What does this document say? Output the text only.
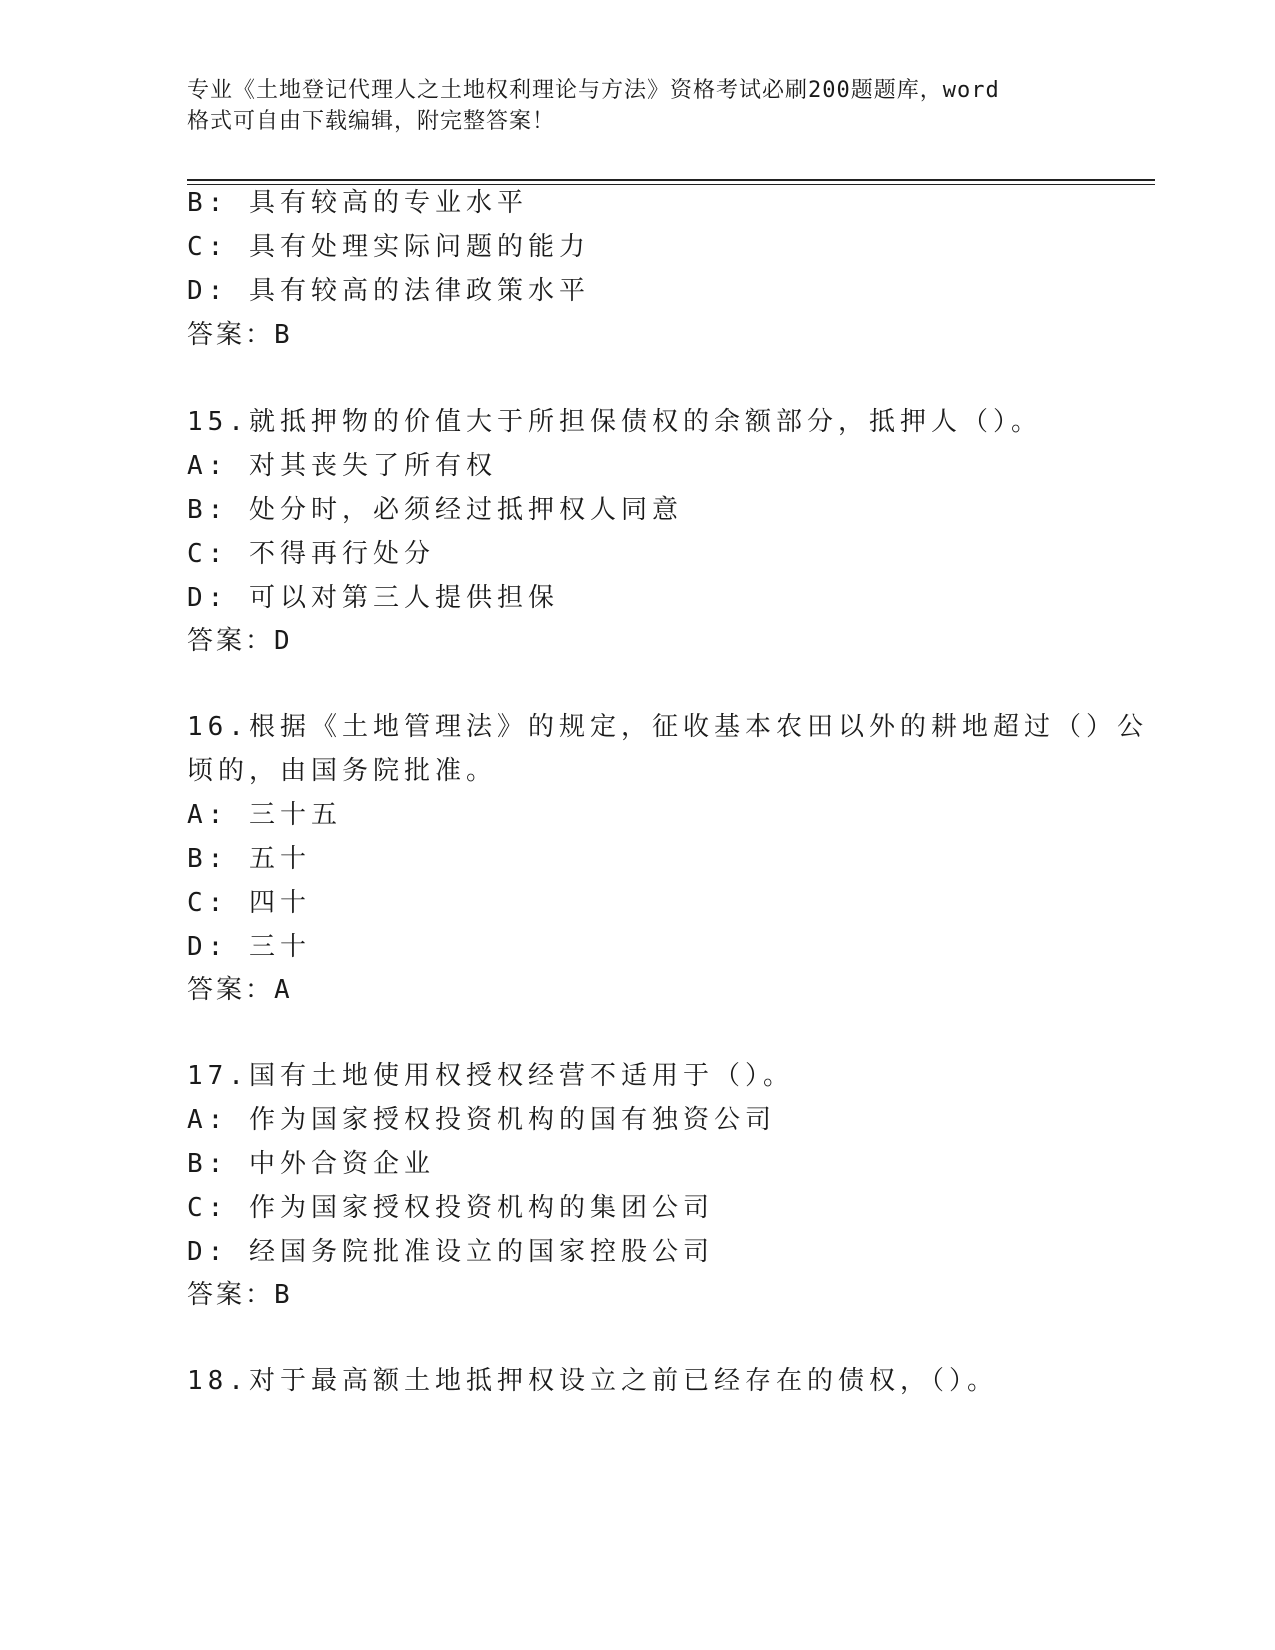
专业《土地登记代理人之土地权利理论与方法》资格考试必刷200题题库，word
格式可自由下载编辑，附完整答案！
B: 具有较高的专业水平
C: 具有处理实际问题的能力
D: 具有较高的法律政策水平
答案：B
15.就抵押物的价值大于所担保债权的余额部分，抵押人（）。
A: 对其丧失了所有权
B: 处分时，必须经过抵押权人同意
C: 不得再行处分
D: 可以对第三人提供担保
答案：D
16.根据《土地管理法》的规定，征收基本农田以外的耕地超过（）公
顷的，由国务院批准。
A: 三十五
B: 五十
C: 四十
D: 三十
答案：A
17.国有土地使用权授权经营不适用于（）。
A: 作为国家授权投资机构的国有独资公司
B: 中外合资企业
C: 作为国家授权投资机构的集团公司
D: 经国务院批准设立的国家控股公司
答案：B
18.对于最高额土地抵押权设立之前已经存在的债权，（）。
